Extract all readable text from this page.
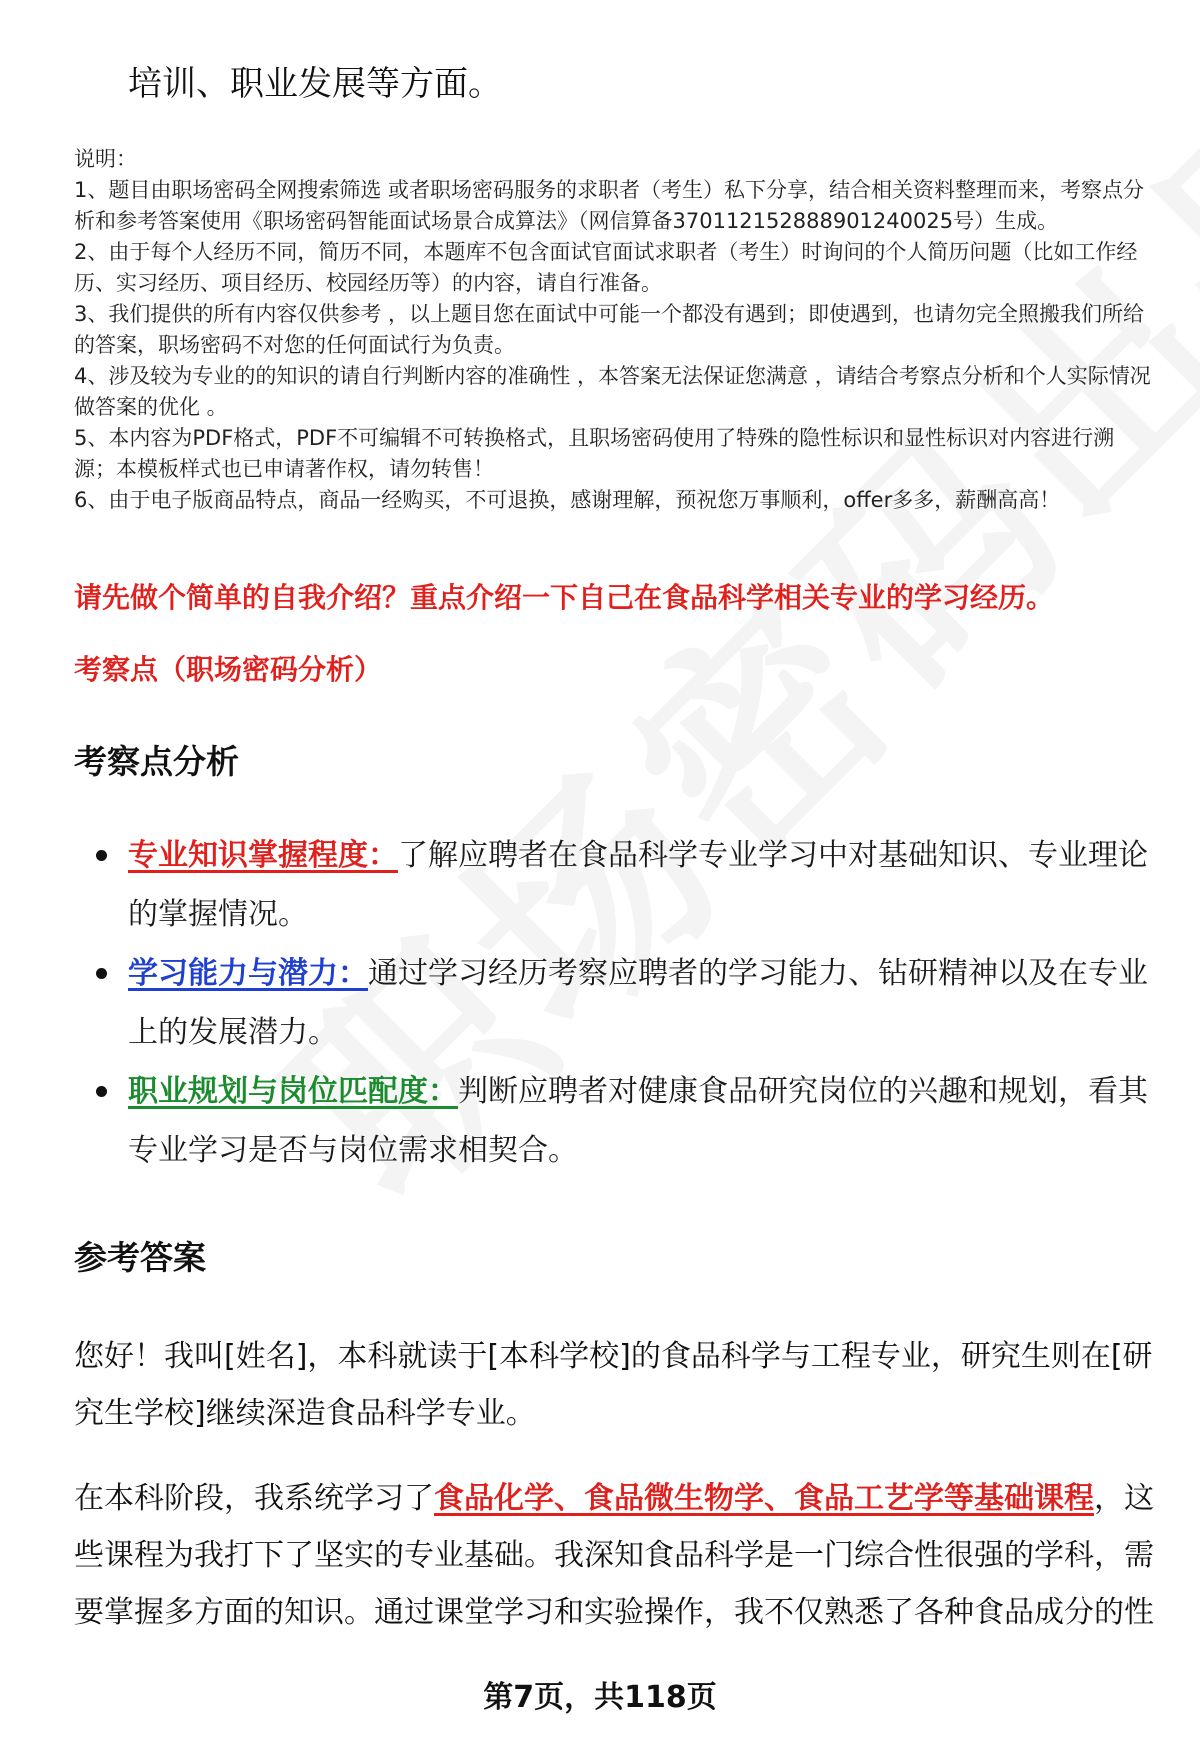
培训、职业发展等方面。

说明：

1、题目由职场密码全网搜索筛选 或者职场密码服务的求职者（考生）私下分享，结合相关资料整理而来，考察点分析和参考答案使用《职场密码智能面试场景合成算法》（网信算备370112152888901240025号）生成。

2、由于每个人经历不同，简历不同，本题库不包含面试官面试求职者（考生）时询问的个人简历问题（比如工作经历、实习经历、项目经历、校园经历等）的内容，请自行准备。

3、我们提供的所有内容仅供参考 ，以上题目您在面试中可能一个都没有遇到；即使遇到，也请勿完全照搬我们所给的答案，职场密码不对您的任何面试行为负责。

4、涉及较为专业的的知识的请自行判断内容的准确性 ，本答案无法保证您满意 ，请结合考察点分析和个人实际情况做答案的优化 。

5、本内容为PDF格式，PDF不可编辑不可转换格式，且职场密码使用了特殊的隐性标识和显性标识对内容进行溯源；本模板样式也已申请著作权，请勿转售！

6、由于电子版商品特点，商品一经购买，不可退换，感谢理解，预祝您万事顺利，offer多多，薪酬高高！

请先做个简单的自我介绍？重点介绍一下自己在食品科学相关专业的学习经历。
考察点（职场密码分析）
考察点分析
专业知识掌握程度：了解应聘者在食品科学专业学习中对基础知识、专业理论的掌握情况。
学习能力与潜力：通过学习经历考察应聘者的学习能力、钻研精神以及在专业上的发展潜力。
职业规划与岗位匹配度：判断应聘者对健康食品研究岗位的兴趣和规划，看其专业学习是否与岗位需求相契合。
参考答案

您好！我叫[姓名]，本科就读于[本科学校]的食品科学与工程专业，研究生则在[研究生学校]继续深造食品科学专业。

在本科阶段，我系统学习了食品化学、食品微生物学、食品工艺学等基础课程，这些课程为我打下了坚实的专业基础。我深知食品科学是一门综合性很强的学科，需要掌握多方面的知识。通过课堂学习和实验操作，我不仅熟悉了各种食品成分的性

第7页，共118页
